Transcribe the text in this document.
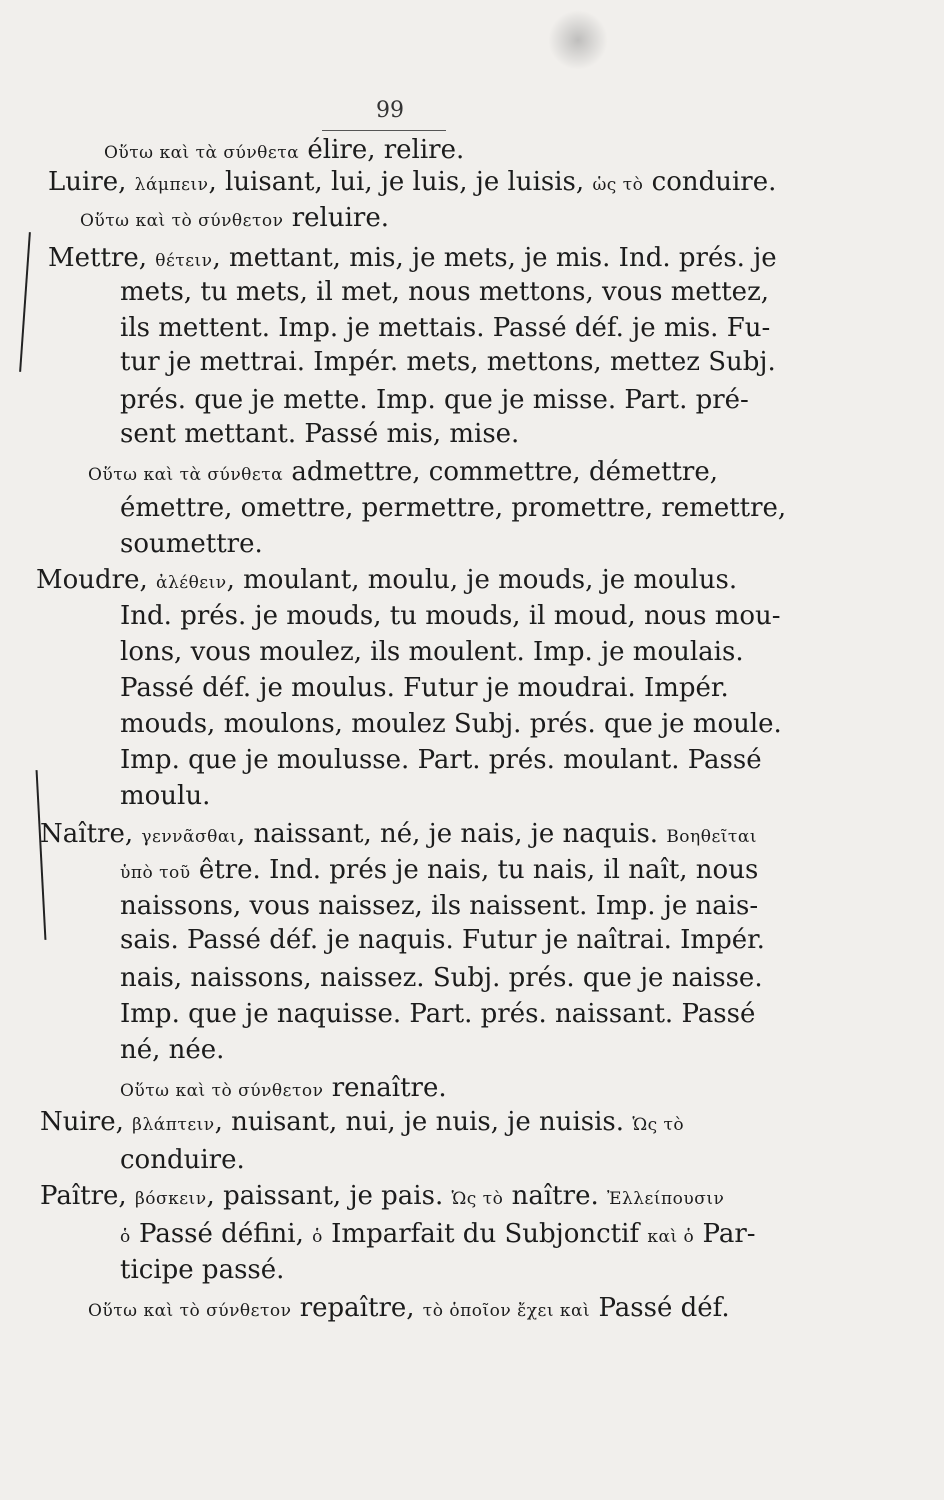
99
Οὕτω καὶ τὰ σύνθετα élire, relire.
Luire, λάμπειν, luisant, lui, je luis, je luisis, ὡς τὸ conduire.
Οὕτω καὶ τὸ σύνθετον reluire.
Mettre, θέτειν, mettant, mis, je mets, je mis. Ind. prés. je
mets, tu mets, il met, nous mettons, vous mettez,
ils mettent. Imp. je mettais. Passé déf. je mis. Fu-
tur je mettrai. Impér. mets, mettons, mettez Subj.
prés. que je mette. Imp. que je misse. Part. pré-
sent mettant. Passé mis, mise.
Οὕτω καὶ τὰ σύνθετα admettre, commettre, démettre,
émettre, omettre, permettre, promettre, remettre,
soumettre.
Moudre, ἀλέθειν, moulant, moulu, je mouds, je moulus.
Ind. prés. je mouds, tu mouds, il moud, nous mou-
lons, vous moulez, ils moulent. Imp. je moulais.
Passé déf. je moulus. Futur je moudrai. Impér.
mouds, moulons, moulez Subj. prés. que je moule.
Imp. que je moulusse. Part. prés. moulant. Passé
moulu.
Naître, γεννᾶσθαι, naissant, né, je nais, je naquis. Βοηθεῖται
ὑπὸ τοῦ être. Ind. prés je nais, tu nais, il naît, nous
naissons, vous naissez, ils naissent. Imp. je nais-
sais. Passé déf. je naquis. Futur je naîtrai. Impér.
nais, naissons, naissez. Subj. prés. que je naisse.
Imp. que je naquisse. Part. prés. naissant. Passé
né, née.
Οὕτω καὶ τὸ σύνθετον renaître.
Nuire, βλάπτειν, nuisant, nui, je nuis, je nuisis. Ὡς τὸ
conduire.
Paître, βόσκειν, paissant, je pais. Ὡς τὸ naître. Ἐλλείπουσιν
ὁ Passé défini, ὁ Imparfait du Subjonctif καὶ ὁ Par-
ticipe passé.
Οὕτω καὶ τὸ σύνθετον repaître, τὸ ὁποῖον ἔχει καὶ Passé déf.
